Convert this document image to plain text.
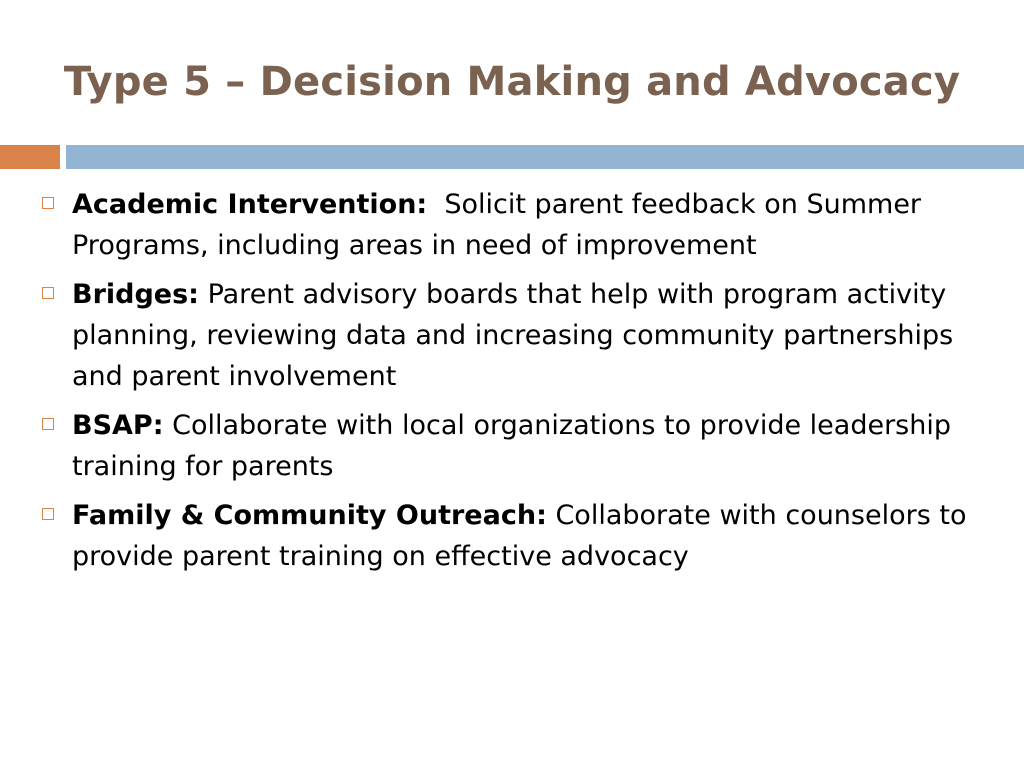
Type 5 – Decision Making and Advocacy
Academic Intervention:  Solicit parent feedback on Summer Programs, including areas in need of improvement
Bridges: Parent advisory boards that help with program activity planning, reviewing data and increasing community partnerships and parent involvement
BSAP: Collaborate with local organizations to provide leadership training for parents
Family & Community Outreach: Collaborate with counselors to provide parent training on effective advocacy
